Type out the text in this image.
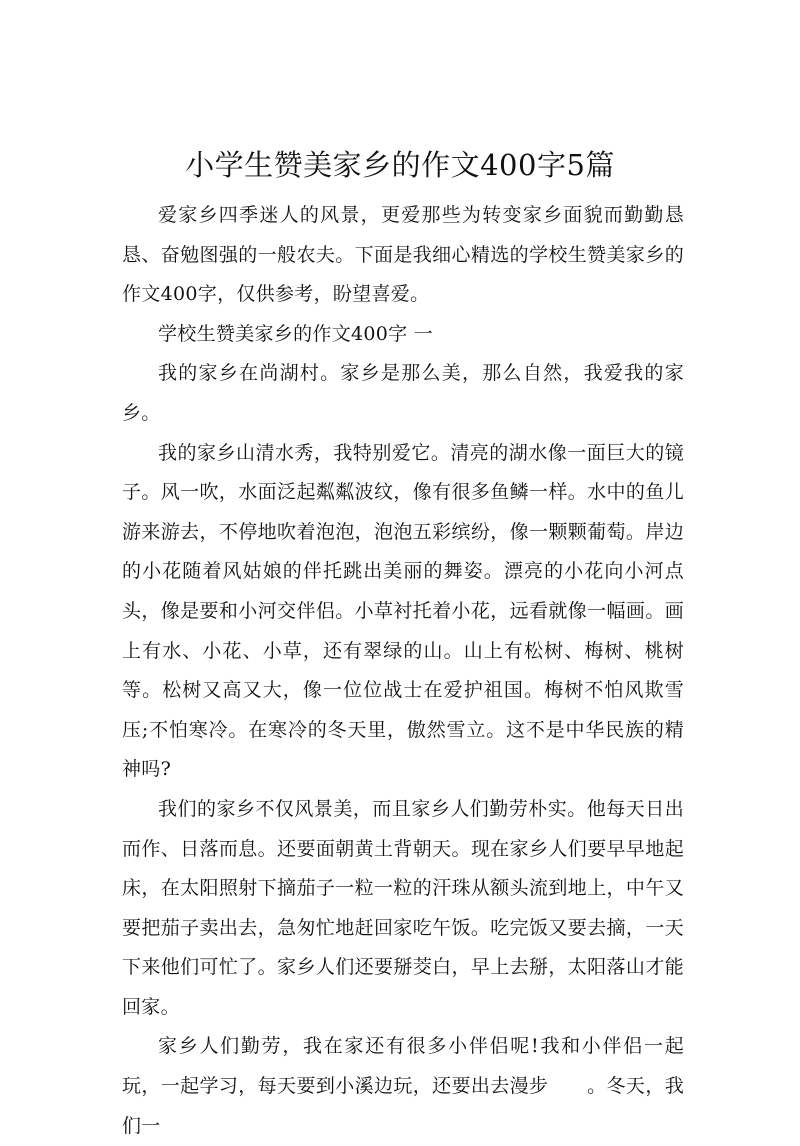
小学生赞美家乡的作文400字5篇

爱家乡四季迷人的风景，更爱那些为转变家乡面貌而勤勤恳恳、奋勉图强的一般农夫。下面是我细心精选的学校生赞美家乡的作文400字，仅供参考，盼望喜爱。

学校生赞美家乡的作文400字 一

我的家乡在尚湖村。家乡是那么美，那么自然，我爱我的家乡。

我的家乡山清水秀，我特别爱它。清亮的湖水像一面巨大的镜子。风一吹，水面泛起粼粼波纹，像有很多鱼鳞一样。水中的鱼儿游来游去，不停地吹着泡泡，泡泡五彩缤纷，像一颗颗葡萄。岸边的小花随着风姑娘的伴托跳出美丽的舞姿。漂亮的小花向小河点头，像是要和小河交伴侣。小草衬托着小花，远看就像一幅画。画上有水、小花、小草，还有翠绿的山。山上有松树、梅树、桃树等。松树又高又大，像一位位战士在爱护祖国。梅树不怕风欺雪压;不怕寒冷。在寒冷的冬天里，傲然雪立。这不是中华民族的精神吗?

我们的家乡不仅风景美，而且家乡人们勤劳朴实。他每天日出而作、日落而息。还要面朝黄土背朝天。现在家乡人们要早早地起床，在太阳照射下摘茄子一粒一粒的汗珠从额头流到地上，中午又要把茄子卖出去，急匆忙地赶回家吃午饭。吃完饭又要去摘，一天下来他们可忙了。家乡人们还要掰茭白，早上去掰，太阳落山才能回家。

家乡人们勤劳，我在家还有很多小伴侣呢!我和小伴侣一起玩，一起学习，每天要到小溪边玩，还要出去漫步　　。冬天，我们一
